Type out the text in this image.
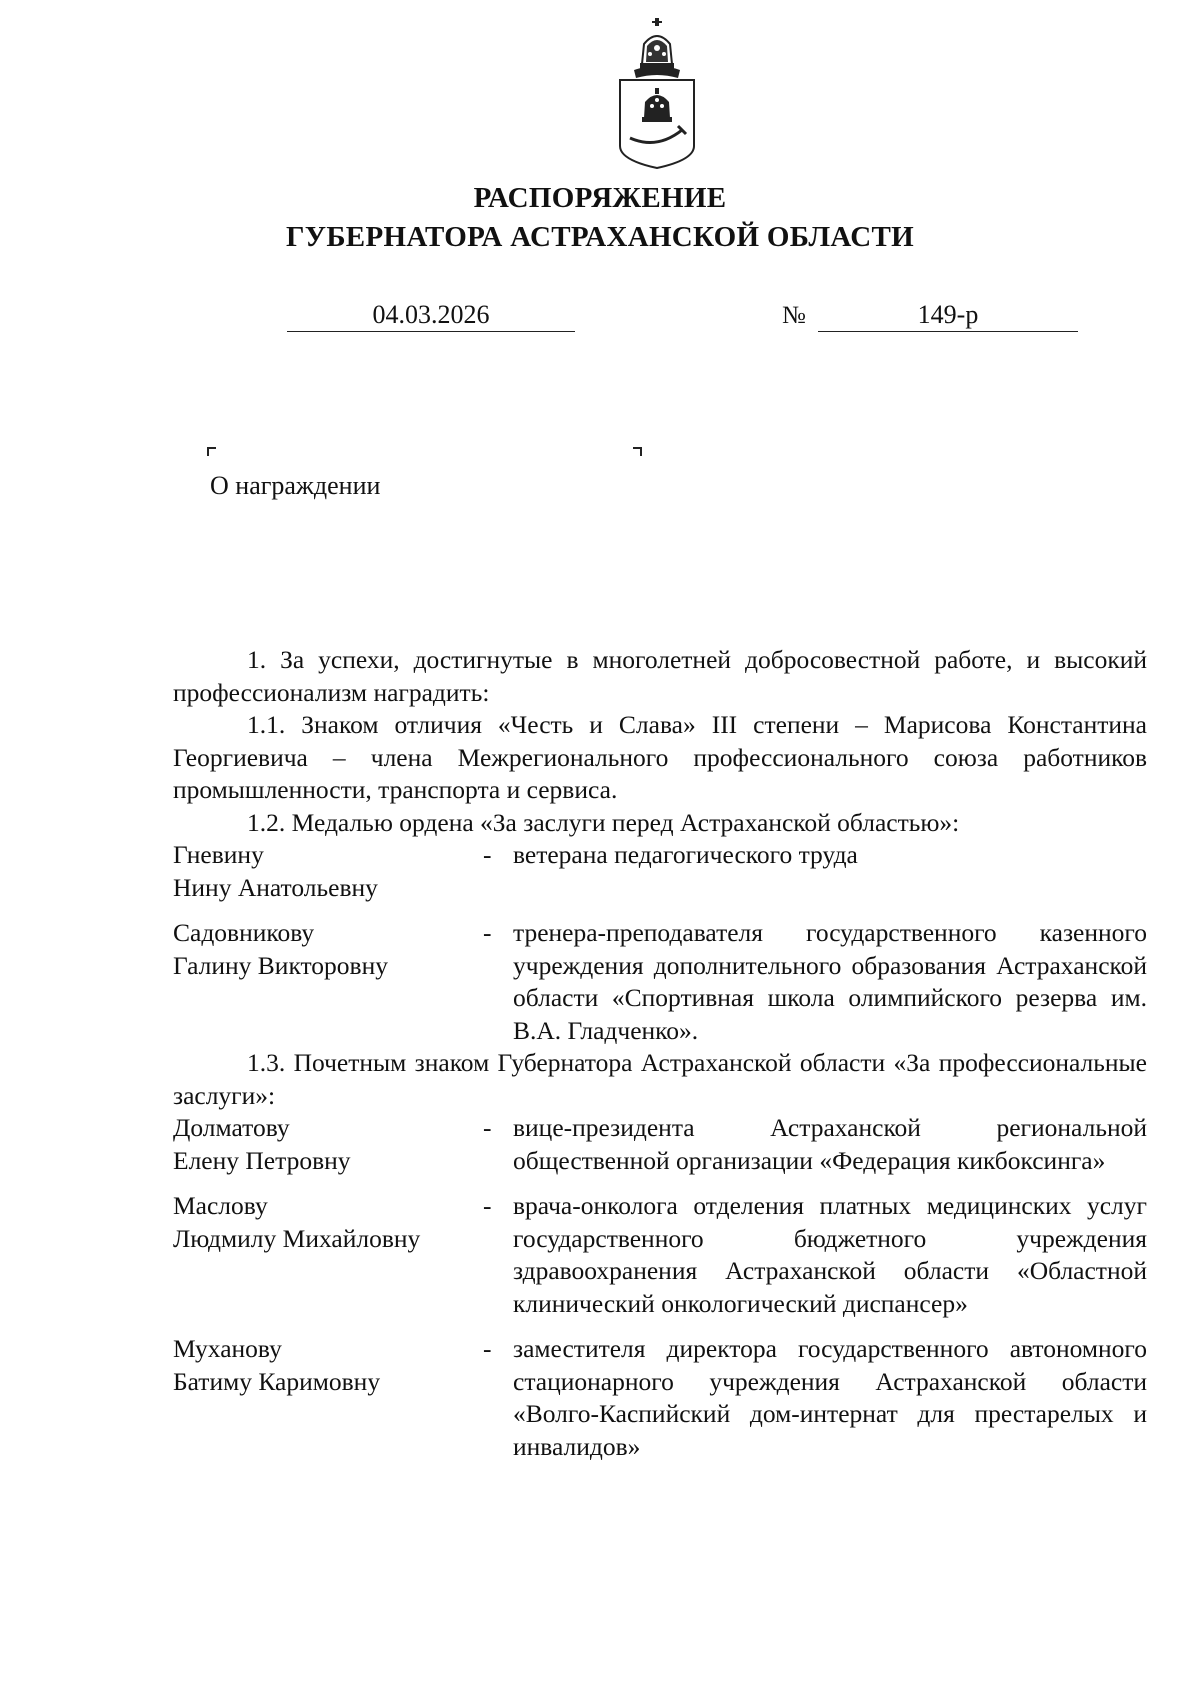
РАСПОРЯЖЕНИЕ
ГУБЕРНАТОРА АСТРАХАНСКОЙ ОБЛАСТИ
04.03.2026	№	149-р
О награждении

1. За успехи, достигнутые в многолетней добросовестной работе, и высокий профессионализм наградить:

1.1. Знаком отличия «Честь и Слава» III степени – Марисова Константина Георгиевича – члена Межрегионального профессионального союза работников промышленности, транспорта и сервиса.

1.2. Медалью ордена «За заслуги перед Астраханской областью»:

Гневину
Нину Анатольевну
- ветерана педагогического труда
Садовникову
Галину Викторовну
- тренера-преподавателя государственного казенного учреждения дополнительного образования Астраханской области «Спортивная школа олимпийского резерва им. В.А. Гладченко».

1.3. Почетным знаком Губернатора Астраханской области «За профессиональные заслуги»:

Долматову
Елену Петровну
- вице-президента Астраханской региональной общественной организации «Федерация кикбоксинга»
Маслову
Людмилу Михайловну
- врача-онколога отделения платных медицинских услуг государственного бюджетного учреждения здравоохранения Астраханской области «Областной клинический онкологический диспансер»
Муханову
Батиму Каримовну
- заместителя директора государственного автономного стационарного учреждения Астраханской области «Волго-Каспийский дом-интернат для престарелых и инвалидов»
